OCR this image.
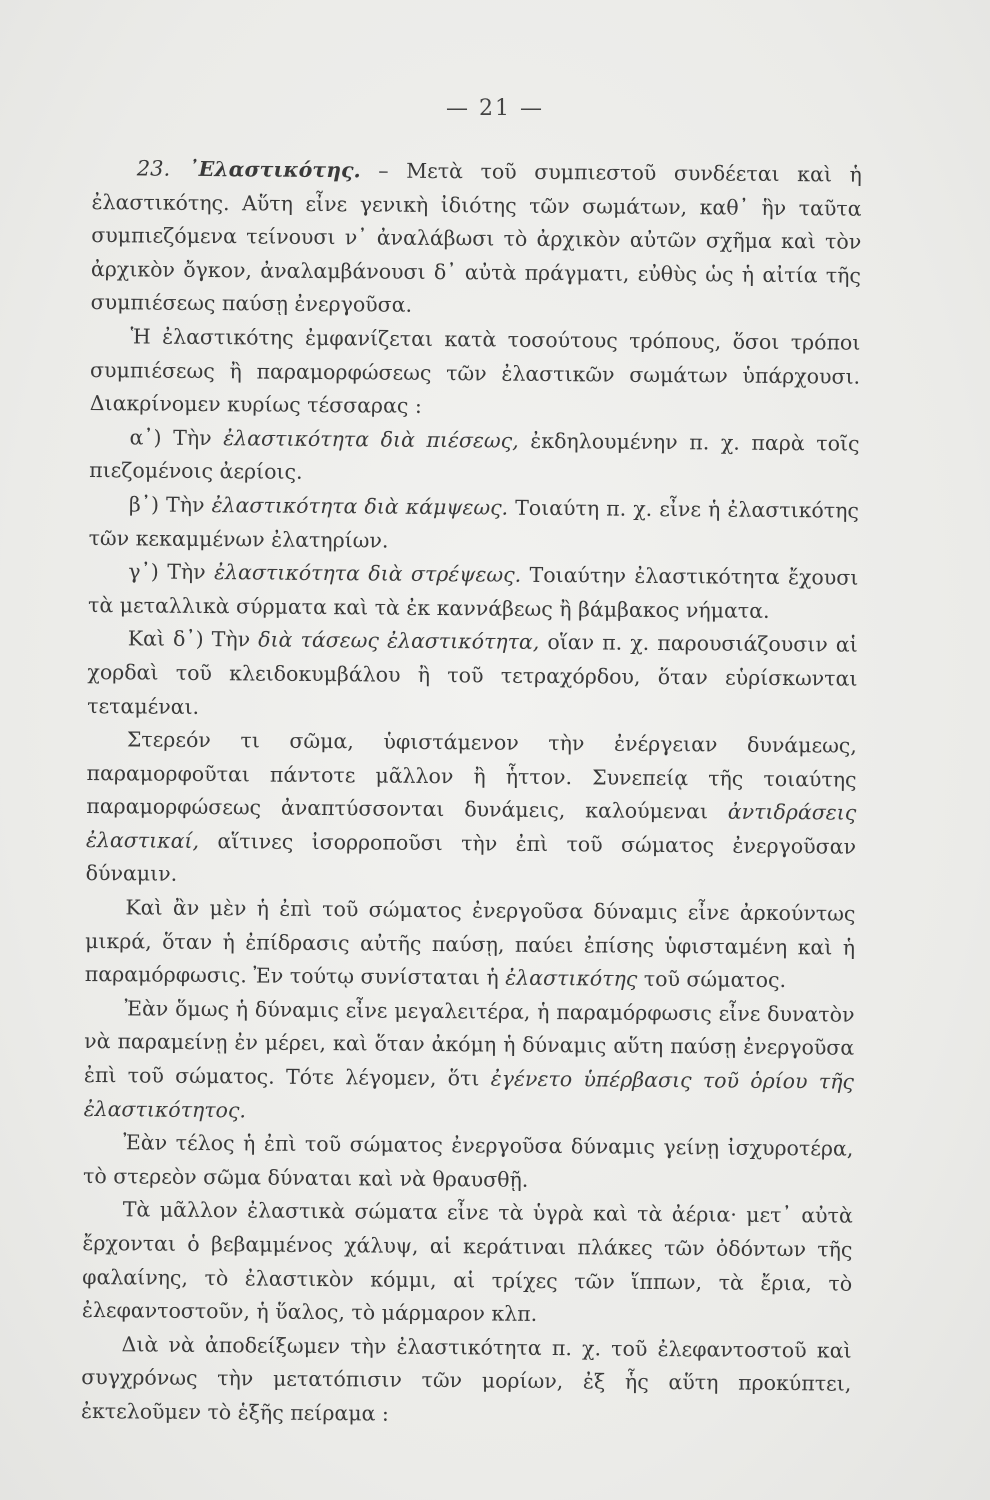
— 21 —

23. ᾽Ελαστικότης. – Μετὰ τοῦ συμπιεστοῦ συνδέεται καὶ ἡ ἐλαστικότης. Αὕτη εἶνε γενικὴ ἰδιότης τῶν σωμάτων, καθ᾽ ἣν ταῦτα συμπιεζόμενα τείνουσι ν᾽ ἀναλάβωσι τὸ ἀρχικὸν αὐτῶν σχῆμα καὶ τὸν ἀρχικὸν ὄγκον, ἀναλαμβάνουσι δ᾽ αὐτὰ πράγματι, εὐθὺς ὡς ἡ αἰτία τῆς συμπιέσεως παύσῃ ἐνεργοῦσα.

Ἡ ἐλαστικότης ἐμφανίζεται κατὰ τοσούτους τρόπους, ὅσοι τρόποι συμπιέσεως ἢ παραμορφώσεως τῶν ἐλαστικῶν σωμάτων ὑπάρχουσι. Διακρίνομεν κυρίως τέσσαρας :

α᾽) Τὴν ἐλαστικότητα διὰ πιέσεως, ἐκδηλουμένην π. χ. παρὰ τοῖς πιεζομένοις ἀερίοις.

β᾽) Τὴν ἐλαστικότητα διὰ κάμψεως. Τοιαύτη π. χ. εἶνε ἡ ἐλαστικότης τῶν κεκαμμένων ἐλατηρίων.

γ᾽) Τὴν ἐλαστικότητα διὰ στρέψεως. Τοιαύτην ἐλαστικότητα ἔχουσι τὰ μεταλλικὰ σύρματα καὶ τὰ ἐκ καννάβεως ἢ βάμβακος νήματα.

Καὶ δ᾽) Τὴν διὰ τάσεως ἐλαστικότητα, οἵαν π. χ. παρουσιάζουσιν αἱ χορδαὶ τοῦ κλειδοκυμβάλου ἢ τοῦ τετραχόρδου, ὅταν εὑρίσκωνται τεταμέναι.

Στερεόν τι σῶμα, ὑφιστάμενον τὴν ἐνέργειαν δυνάμεως, παραμορφοῦται πάντοτε μᾶλλον ἢ ἧττον. Συνεπείᾳ τῆς τοιαύτης παραμορφώσεως ἀναπτύσσονται δυνάμεις, καλούμεναι ἀντιδράσεις ἐλαστικαί, αἵτινες ἰσορροποῦσι τὴν ἐπὶ τοῦ σώματος ἐνεργοῦσαν δύναμιν.

Καὶ ἂν μὲν ἡ ἐπὶ τοῦ σώματος ἐνεργοῦσα δύναμις εἶνε ἀρκούντως μικρά, ὅταν ἡ ἐπίδρασις αὐτῆς παύσῃ, παύει ἐπίσης ὑφισταμένη καὶ ἡ παραμόρφωσις. Ἐν τούτῳ συνίσταται ἡ ἐλαστικότης τοῦ σώματος.

Ἐὰν ὅμως ἡ δύναμις εἶνε μεγαλειτέρα, ἡ παραμόρφωσις εἶνε δυνατὸν νὰ παραμείνῃ ἐν μέρει, καὶ ὅταν ἀκόμη ἡ δύναμις αὕτη παύσῃ ἐνεργοῦσα ἐπὶ τοῦ σώματος. Τότε λέγομεν, ὅτι ἐγένετο ὑπέρβασις τοῦ ὁρίου τῆς ἐλαστικότητος.

Ἐὰν τέλος ἡ ἐπὶ τοῦ σώματος ἐνεργοῦσα δύναμις γείνῃ ἰσχυροτέρα, τὸ στερεὸν σῶμα δύναται καὶ νὰ θραυσθῇ.

Τὰ μᾶλλον ἐλαστικὰ σώματα εἶνε τὰ ὑγρὰ καὶ τὰ ἀέρια· μετ᾽ αὐτὰ ἔρχονται ὁ βεβαμμένος χάλυψ, αἱ κεράτιναι πλάκες τῶν ὀδόντων τῆς φαλαίνης, τὸ ἐλαστικὸν κόμμι, αἱ τρίχες τῶν ἵππων, τὰ ἔρια, τὸ ἐλεφαντοστοῦν, ἡ ὕαλος, τὸ μάρμαρον κλπ.

Διὰ νὰ ἀποδείξωμεν τὴν ἐλαστικότητα π. χ. τοῦ ἐλεφαντοστοῦ καὶ συγχρόνως τὴν μετατόπισιν τῶν μορίων, ἐξ ἧς αὕτη προκύπτει, ἐκτελοῦμεν τὸ ἑξῆς πείραμα :
